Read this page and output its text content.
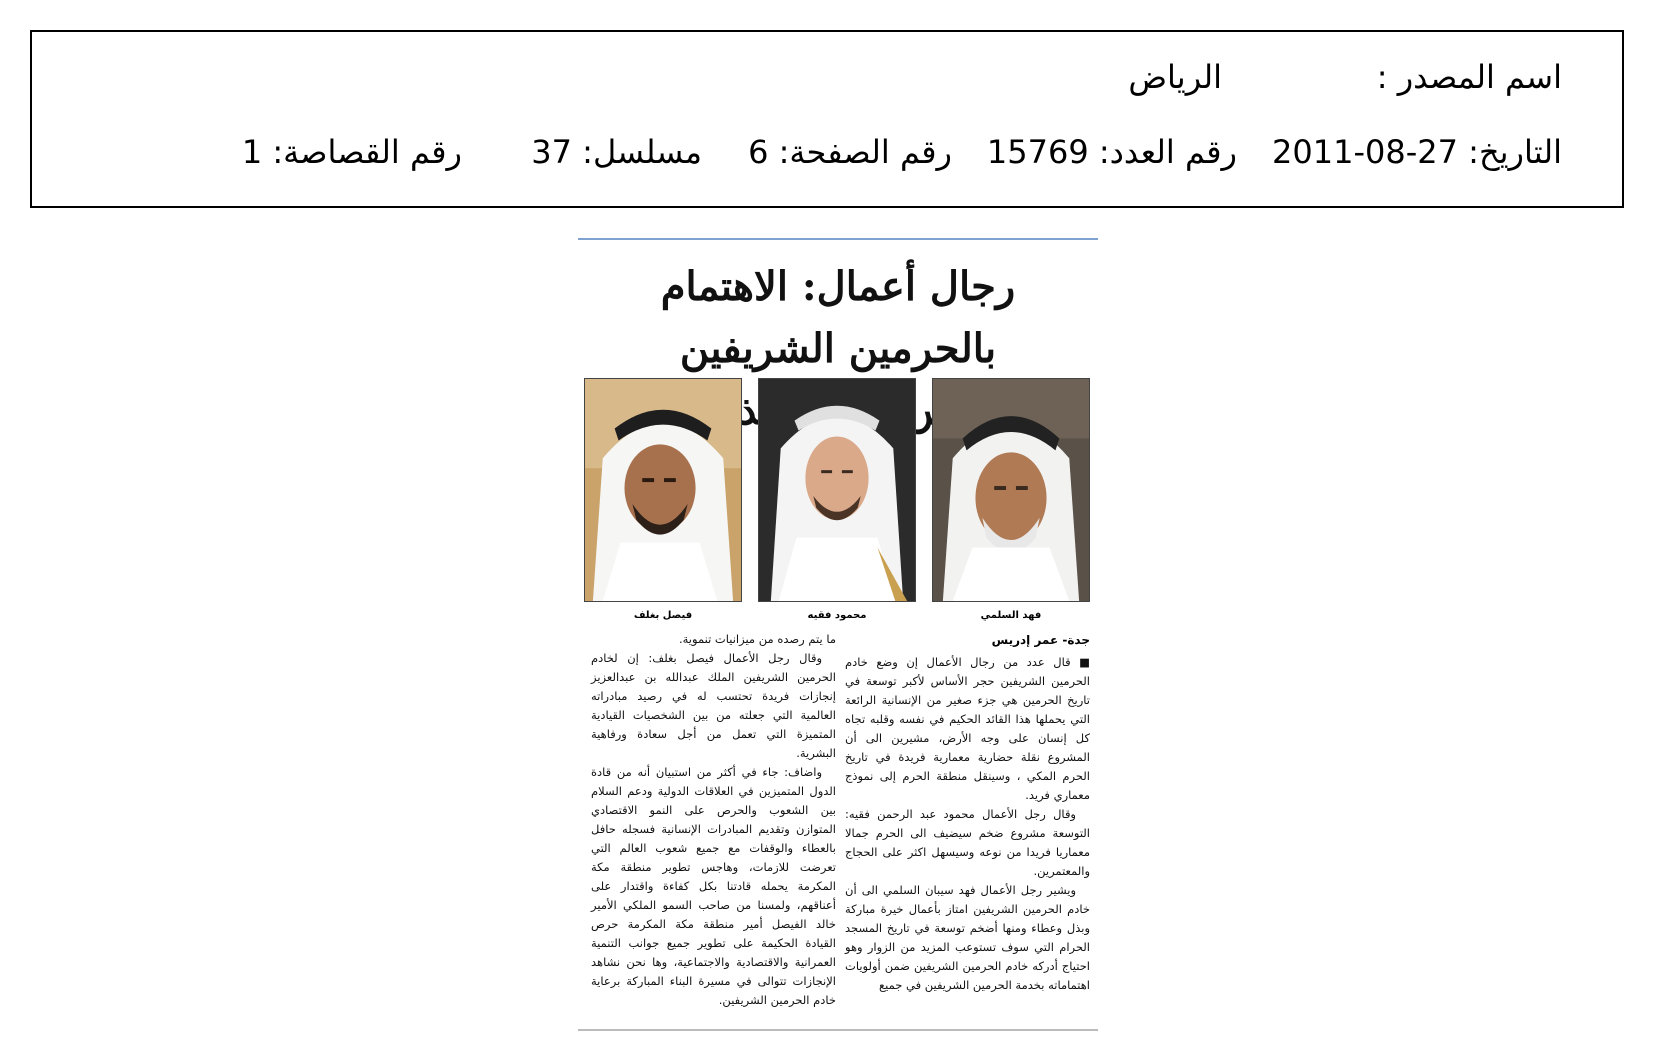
اسم المصدر :
الرياض
التاريخ: 2011-08-27
رقم العدد: 15769
رقم الصفحة: 6
مسلسل: 37
رقم القصاصة: 1
رجال أعمال: الاهتمام بالحرمين الشريفين
فهد السلمي
محمود فقيه
فيصل بغلف
جدة- عمر إدريس

■ قال عدد من رجال الأعمال إن وضع خادم الحرمين الشريفين حجر الأساس لأكبر توسعة في تاريخ الحرمين هي جزء صغير من الإنسانية الرائعة التي يحملها هذا القائد الحكيم في نفسه وقلبه تجاه كل إنسان على وجه الأرض، مشيرين الى أن المشروع نقلة حضارية معمارية فريدة في تاريخ الحرم المكي ، وسينقل منطقة الحرم إلى نموذج معماري فريد.

وقال رجل الأعمال محمود عبد الرحمن فقيه: التوسعة مشروع ضخم سيضيف الى الحرم جمالا معماريا فريدا من نوعه وسيسهل اكثر على الحجاج والمعتمرين.

ويشير رجل الأعمال فهد سيبان السلمي الى أن خادم الحرمين الشريفين امتاز بأعمال خيرة مباركة وبذل وعطاء ومنها أضخم توسعة في تاريخ المسجد الحرام التي سوف تستوعب المزيد من الزوار وهو احتياج أدركه خادم الحرمين الشريفين ضمن أولويات اهتماماته بخدمة الحرمين الشريفين في جميع

ما يتم رصده من ميزانيات تنموية.

وقال رجل الأعمال فيصل بغلف: إن لخادم الحرمين الشريفين الملك عبدالله بن عبدالعزيز إنجازات فريدة تحتسب له في رصيد مبادراته العالمية التي جعلته من بين الشخصيات القيادية المتميزة التي تعمل من أجل سعادة ورفاهية البشرية.

واضاف: جاء في أكثر من استبيان أنه من قادة الدول المتميزين في العلاقات الدولية ودعم السلام بين الشعوب والحرص على النمو الاقتصادي المتوازن وتقديم المبادرات الإنسانية فسجله حافل بالعطاء والوقفات مع جميع شعوب العالم التي تعرضت للازمات، وهاجس تطوير منطقة مكة المكرمة يحمله قادتنا بكل كفاءة واقتدار على أعناقهم، ولمسنا من صاحب السمو الملكي الأمير خالد الفيصل أمير منطقة مكة المكرمة حرص القيادة الحكيمة على تطوير جميع جوانب التنمية العمرانية والاقتصادية والاجتماعية، وها نحن نشاهد الإنجازات تتوالى في مسيرة البناء المباركة برعاية خادم الحرمين الشريفين.
